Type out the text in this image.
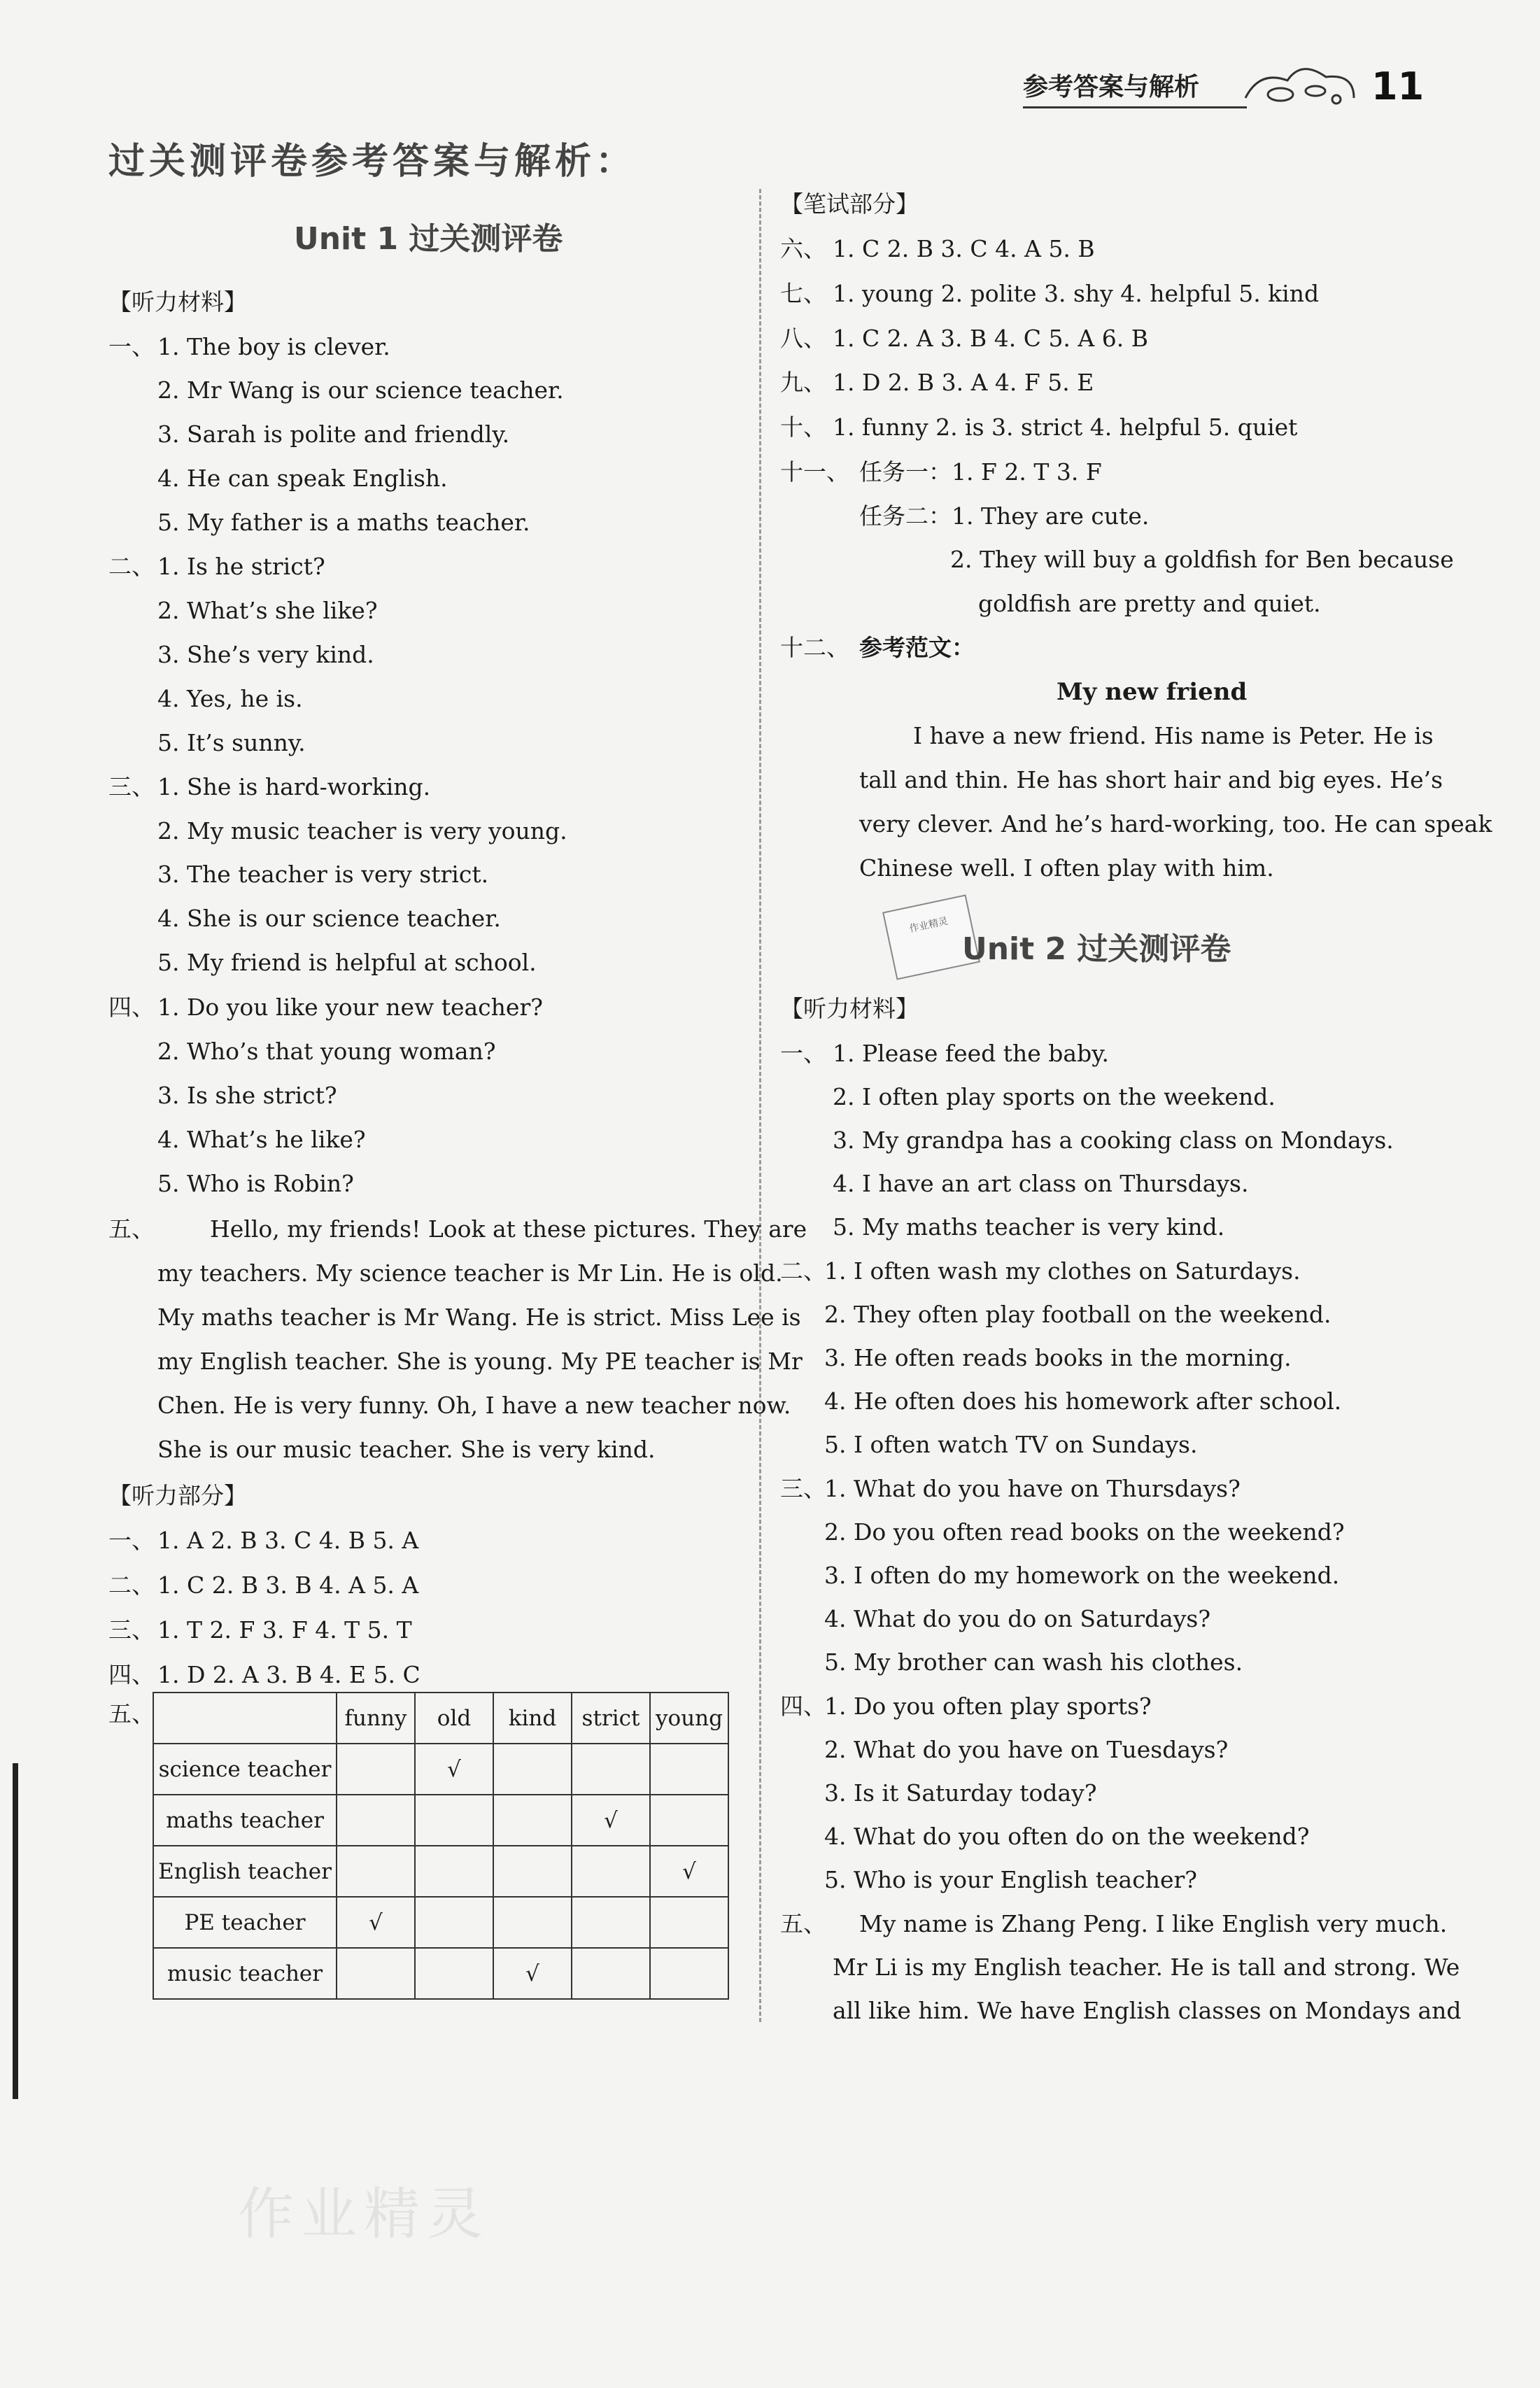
参考答案与解析	11
过关测评卷参考答案与解析：
Unit 1 过关测评卷
【听力材料】
一、 1. The boy is clever.
2. Mr Wang is our science teacher.
3. Sarah is polite and friendly.
4. He can speak English.
5. My father is a maths teacher.
二、 1. Is he strict?
2. What’s she like?
3. She’s very kind.
4. Yes, he is.
5. It’s sunny.
三、 1. She is hard-working.
2. My music teacher is very young.
3. The teacher is very strict.
4. She is our science teacher.
5. My friend is helpful at school.
四、 1. Do you like your new teacher?
2. Who’s that young woman?
3. Is she strict?
4. What’s he like?
5. Who is Robin?
五、 Hello, my friends! Look at these pictures. They are
my teachers. My science teacher is Mr Lin. He is old.
My maths teacher is Mr Wang. He is strict. Miss Lee is
my English teacher. She is young. My PE teacher is Mr
Chen. He is very funny. Oh, I have a new teacher now.
She is our music teacher. She is very kind.
【听力部分】
一、 1. A 2. B 3. C 4. B 5. A
二、 1. C 2. B 3. B 4. A 5. A
三、 1. T 2. F 3. F 4. T 5. T
四、 1. D 2. A 3. B 4. E 5. C
五、
		funny	old	kind	strict	young
science teacher		√			
maths teacher				√	
English teacher					√
PE teacher	√				
music teacher			√		
【笔试部分】
六、 1. C 2. B 3. C 4. A 5. B
七、 1. young 2. polite 3. shy 4. helpful 5. kind
八、 1. C 2. A 3. B 4. C 5. A 6. B
九、 1. D 2. B 3. A 4. F 5. E
十、 1. funny 2. is 3. strict 4. helpful 5. quiet
十一、 任务一：1. F 2. T 3. F
任务二：1. They are cute.
2. They will buy a goldfish for Ben because
goldfish are pretty and quiet.
十二、 参考范文：
My new friend
I have a new friend. His name is Peter. He is
tall and thin. He has short hair and big eyes. He’s
very clever. And he’s hard-working, too. He can speak
Chinese well. I often play with him.

作业精灵
Unit 2 过关测评卷
【听力材料】
一、 1. Please feed the baby.
2. I often play sports on the weekend.
3. My grandpa has a cooking class on Mondays.
4. I have an art class on Thursdays.
5. My maths teacher is very kind.
二、
1. I often wash my clothes on Saturdays.
2. They often play football on the weekend.
3. He often reads books in the morning.
4. He often does his homework after school.
5. I often watch TV on Sundays.
三、
1. What do you have on Thursdays?
2. Do you often read books on the weekend?
3. I often do my homework on the weekend.
4. What do you do on Saturdays?
5. My brother can wash his clothes.
四、
1. Do you often play sports?
2. What do you have on Tuesdays?
3. Is it Saturday today?
4. What do you often do on the weekend?
5. Who is your English teacher?
五、 My name is Zhang Peng. I like English very much.
Mr Li is my English teacher. He is tall and strong. We
all like him. We have English classes on Mondays and
作业精灵
